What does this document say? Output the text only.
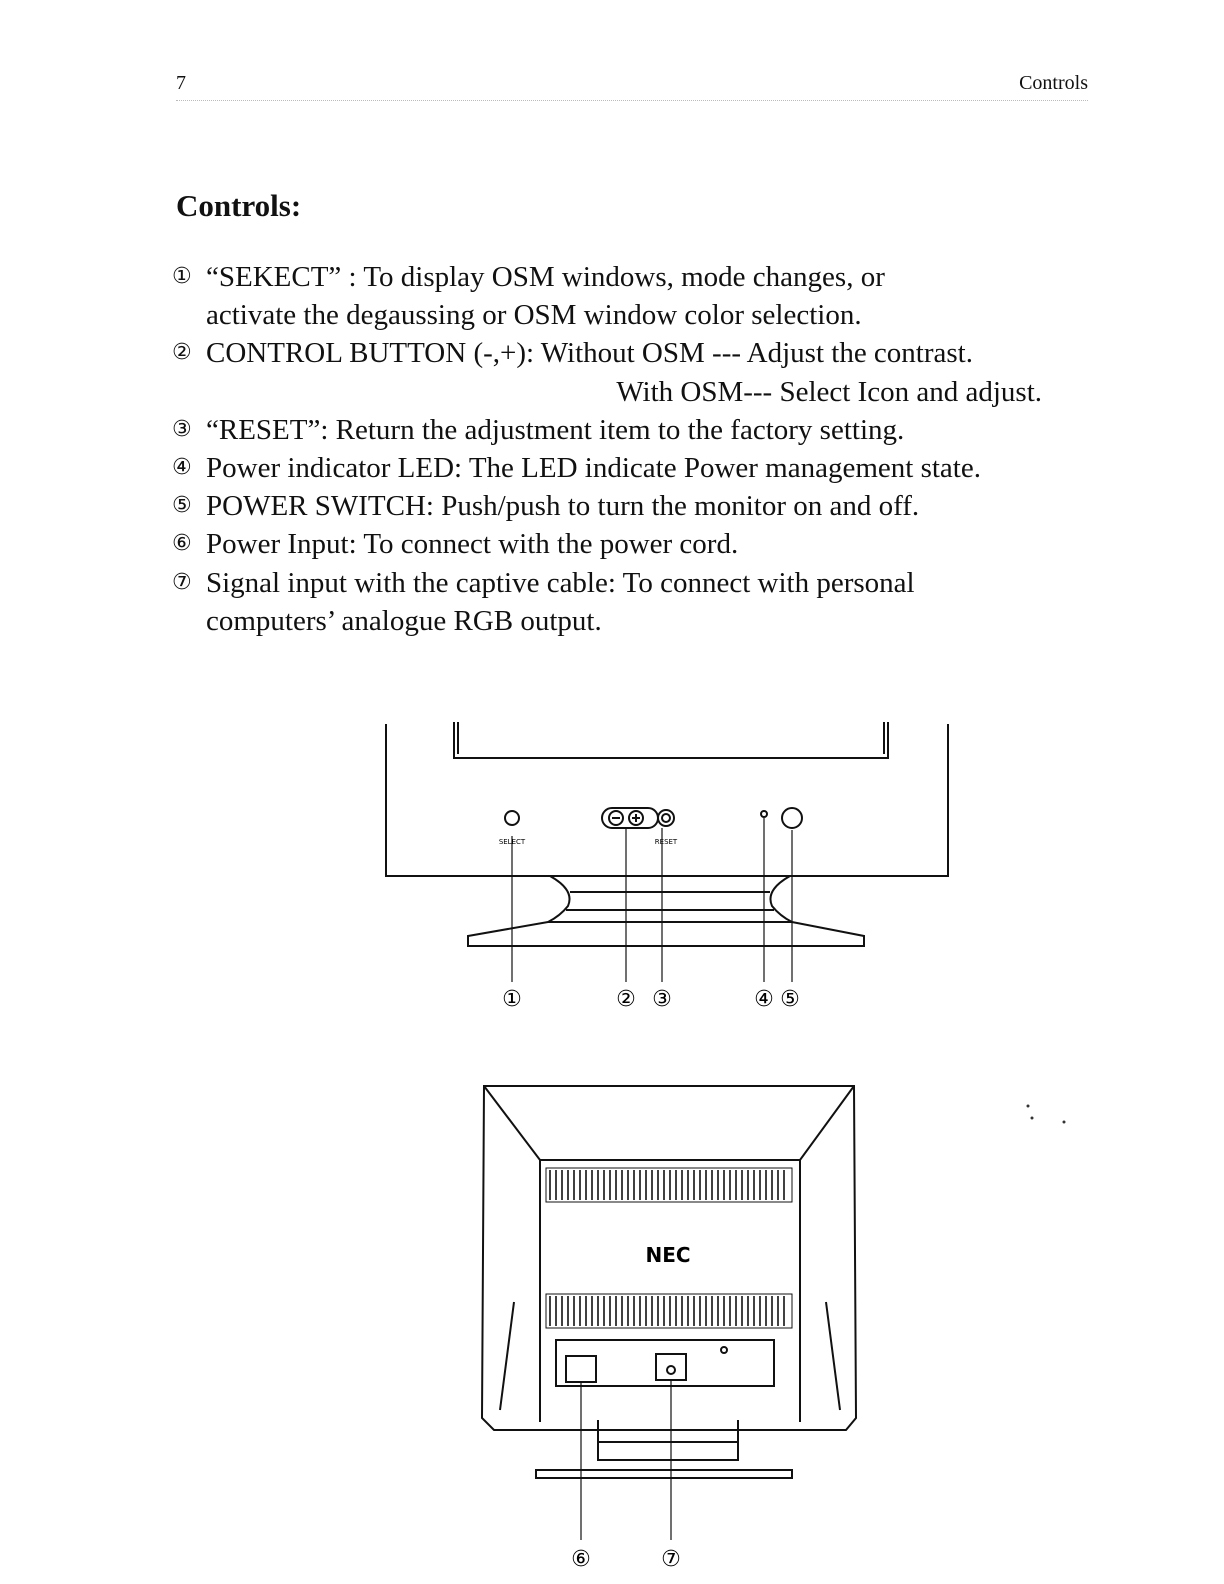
7	Controls
Controls:
① “SEKECT” : To display OSM windows, mode changes, or
activate the degaussing or OSM window color selection.
② CONTROL BUTTON (-,+): Without OSM --- Adjust the contrast.
With OSM--- Select Icon and adjust.
③ “RESET”: Return the adjustment item to the factory setting.
④ Power indicator LED: The LED indicate Power management state.
⑤ POWER SWITCH: Push/push to turn the monitor on and off.
⑥ Power Input: To connect with the power cord.
⑦ Signal input with the captive cable: To connect with personal
computers’ analogue RGB output.
SELECT	RESET
①	② ③	④ ⑤
NEC
⑥	⑦
